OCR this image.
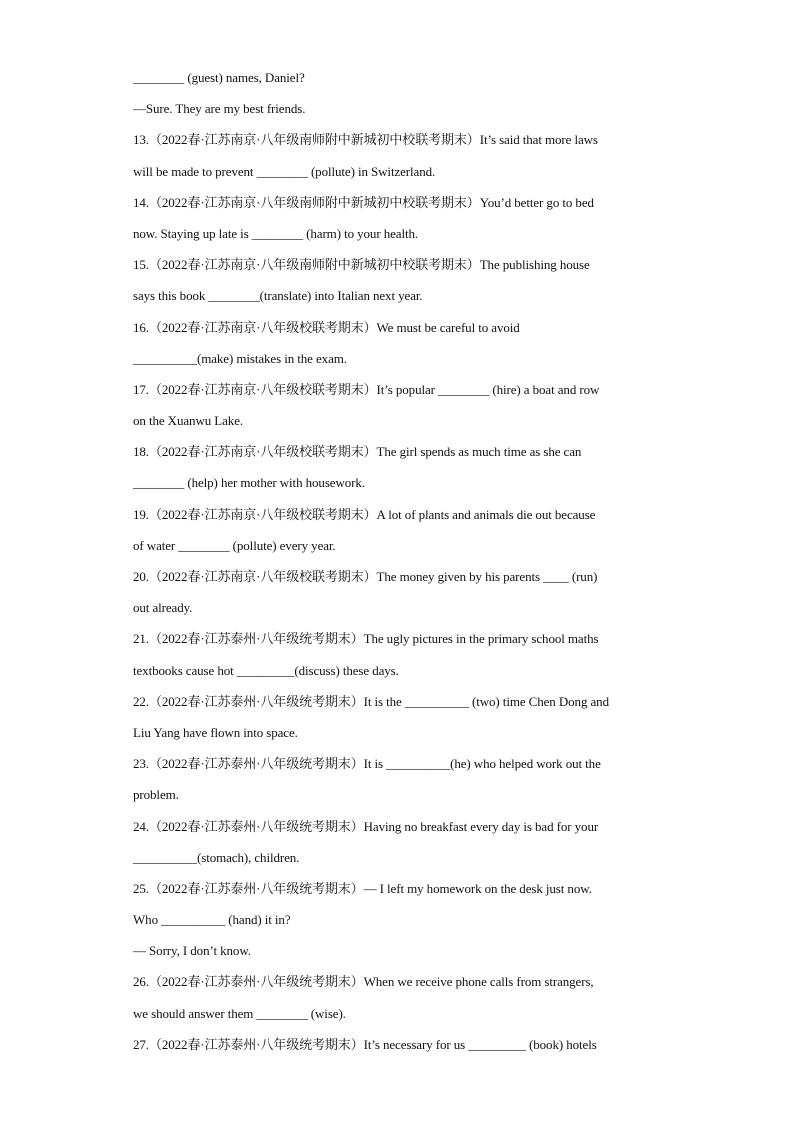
________ (guest) names, Daniel?
—Sure. They are my best friends.
13.（2022春·江苏南京·八年级南师附中新城初中校联考期末）It’s said that more laws
will be made to prevent ________ (pollute) in Switzerland.
14.（2022春·江苏南京·八年级南师附中新城初中校联考期末）You’d better go to bed
now. Staying up late is ________ (harm) to your health.
15.（2022春·江苏南京·八年级南师附中新城初中校联考期末）The publishing house
says this book ________(translate) into Italian next year.
16.（2022春·江苏南京·八年级校联考期末）We must be careful to avoid
__________(make) mistakes in the exam.
17.（2022春·江苏南京·八年级校联考期末）It’s popular ________ (hire) a boat and row
on the Xuanwu Lake.
18.（2022春·江苏南京·八年级校联考期末）The girl spends as much time as she can
________ (help) her mother with housework.
19.（2022春·江苏南京·八年级校联考期末）A lot of plants and animals die out because
of water ________ (pollute) every year.
20.（2022春·江苏南京·八年级校联考期末）The money given by his parents ____ (run)
out already.
21.（2022春·江苏泰州·八年级统考期末）The ugly pictures in the primary school maths
textbooks cause hot _________(discuss) these days.
22.（2022春·江苏泰州·八年级统考期末）It is the __________ (two) time Chen Dong and
Liu Yang have flown into space.
23.（2022春·江苏泰州·八年级统考期末）It is __________(he) who helped work out the
problem.
24.（2022春·江苏泰州·八年级统考期末）Having no breakfast every day is bad for your
__________(stomach), children.
25.（2022春·江苏泰州·八年级统考期末）— I left my homework on the desk just now.
Who __________ (hand) it in?
— Sorry, I don’t know.
26.（2022春·江苏泰州·八年级统考期末）When we receive phone calls from strangers,
we should answer them ________ (wise).
27.（2022春·江苏泰州·八年级统考期末）It’s necessary for us _________ (book) hotels
